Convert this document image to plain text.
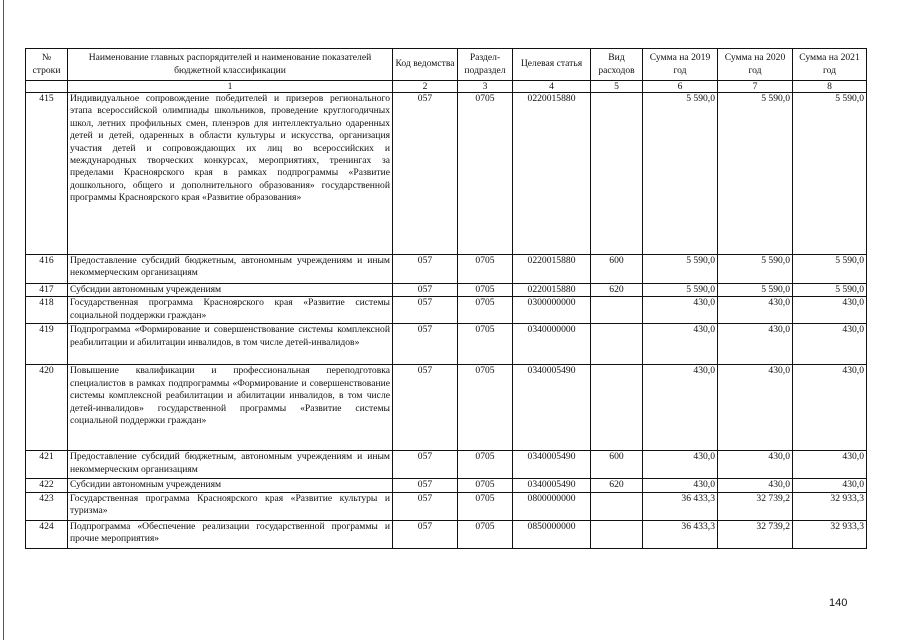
№ строки	Наименование главных распорядителей и наименование показателей бюджетной классификации	Код ведомства	Раздел-подраздел	Целевая статья	Вид расходов	Сумма на 2019 год	Сумма на 2020 год	Сумма на 2021 год
	1	2	3	4	5	6	7	8
415	Индивидуальное сопровождение победителей и призеров регионального этапа всероссийской олимпиады школьников, проведение круглогодичных школ, летних профильных смен, пленэров для интеллектуально одаренных детей и детей, одаренных в области культуры и искусства, организация участия детей и сопровождающих их лиц во всероссийских и международных творческих конкурсах, мероприятиях, тренингах за пределами Красноярского края в рамках подпрограммы «Развитие дошкольного, общего и дополнительного образования» государственной программы Красноярского края «Развитие образования»	057	0705	0220015880		5 590,0	5 590,0	5 590,0
416	Предоставление субсидий бюджетным, автономным учреждениям и иным некоммерческим организациям	057	0705	0220015880	600	5 590,0	5 590,0	5 590,0
417	Субсидии автономным учреждениям	057	0705	0220015880	620	5 590,0	5 590,0	5 590,0
418	Государственная программа Красноярского края «Развитие системы социальной поддержки граждан»	057	0705	0300000000		430,0	430,0	430,0
419	Подпрограмма «Формирование и совершенствование системы комплексной реабилитации и абилитации инвалидов, в том числе детей-инвалидов»	057	0705	0340000000		430,0	430,0	430,0
420	Повышение квалификации и профессиональная переподготовка специалистов в рамках подпрограммы «Формирование и совершенствование системы комплексной реабилитации и абилитации инвалидов, в том числе детей-инвалидов» государственной программы «Развитие системы социальной поддержки граждан»	057	0705	0340005490		430,0	430,0	430,0
421	Предоставление субсидий бюджетным, автономным учреждениям и иным некоммерческим организациям	057	0705	0340005490	600	430,0	430,0	430,0
422	Субсидии автономным учреждениям	057	0705	0340005490	620	430,0	430,0	430,0
423	Государственная программа Красноярского края «Развитие культуры и туризма»	057	0705	0800000000		36 433,3	32 739,2	32 933,3
424	Подпрограмма «Обеспечение реализации государственной программы и прочие мероприятия»	057	0705	0850000000		36 433,3	32 739,2	32 933,3
140
